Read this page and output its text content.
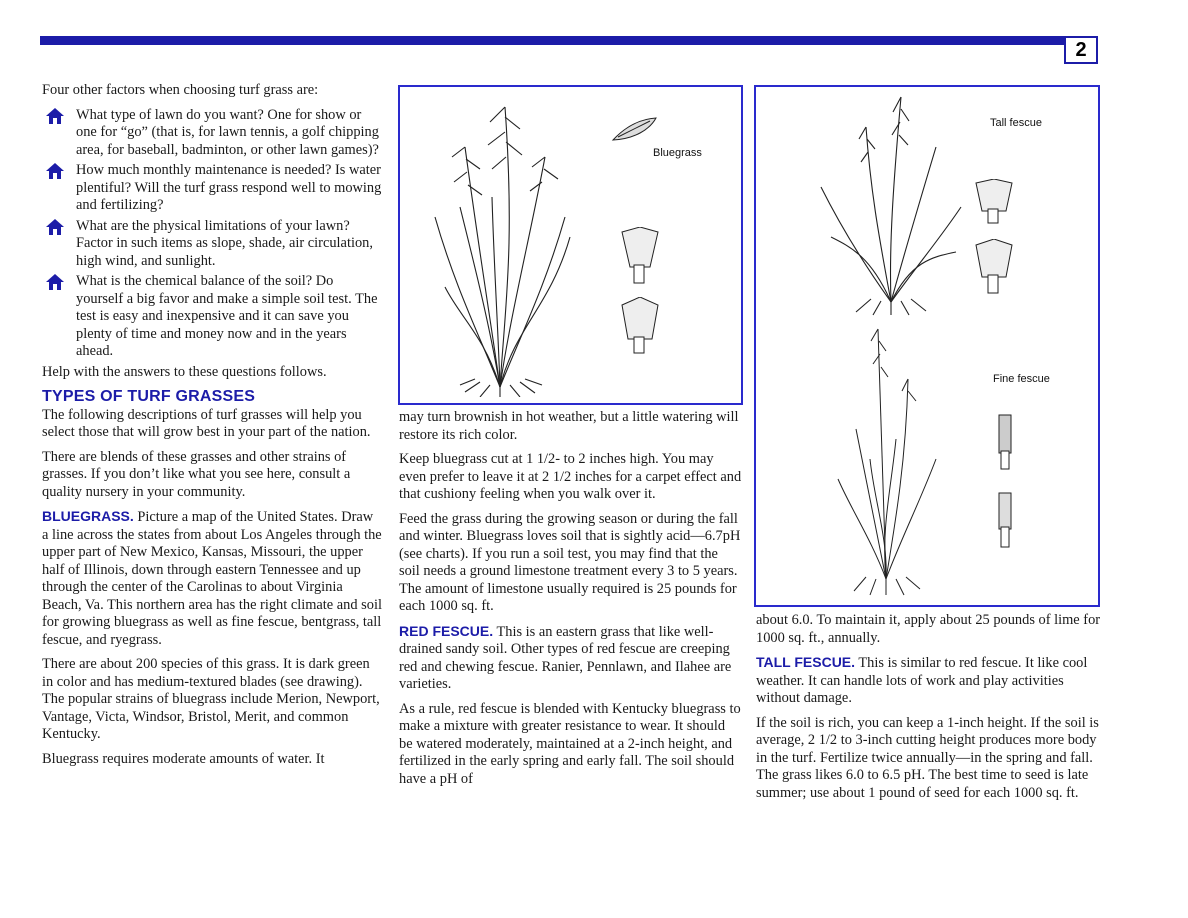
2

Four other factors when choosing turf grass are:

What type of lawn do you want? One for show or one for “go” (that is, for lawn tennis, a golf chipping area, for baseball, badminton, or other lawn games)?
How much monthly maintenance is needed? Is water plentiful? Will the turf grass respond well to mowing and fertilizing?
What are the physical limitations of your lawn? Factor in such items as slope, shade, air circulation, high wind, and sunlight.
What is the chemical balance of the soil? Do yourself a big favor and make a simple soil test. The test is easy and inexpensive and it can save you plenty of time and money now and in the years ahead.

Help with the answers to these questions follows.

TYPES OF TURF GRASSES

The following descriptions of turf grasses will help you select those that will grow best in your part of the nation.

There are blends of these grasses and other strains of grasses. If you don’t like what you see here, consult a quality nursery in your community.

BLUEGRASS. Picture a map of the United States. Draw a line across the states from about Los Angeles through the upper part of New Mexico, Kansas, Missouri, the upper half of Illinois, down through eastern Tennessee and up through the center of the Carolinas to about Virginia Beach, Va. This northern area has the right climate and soil for growing bluegrass as well as fine fescue, bentgrass, tall fescue, and ryegrass.

There are about 200 species of this grass. It is dark green in color and has medium-textured blades (see drawing). The popular strains of bluegrass include Merion, Newport, Vantage, Victa, Windsor, Bristol, Merit, and common Kentucky.

Bluegrass requires moderate amounts of water. It

Bluegrass

may turn brownish in hot weather, but a little watering will restore its rich color.

Keep bluegrass cut at 1 1/2- to 2 inches high. You may even prefer to leave it at 2 1/2 inches for a carpet effect and that cushiony feeling when you walk over it.

Feed the grass during the growing season or during the fall and winter. Bluegrass loves soil that is sightly acid—6.7pH (see charts). If you run a soil test, you may find that the soil needs a ground limestone treatment every 3 to 5 years. The amount of limestone usually required is 25 pounds for each 1000 sq. ft.

RED FESCUE. This is an eastern grass that like well-drained sandy soil. Other types of red fescue are creeping red and chewing fescue. Ranier, Pennlawn, and Ilahee are varieties.

As a rule, red fescue is blended with Kentucky bluegrass to make a mixture with greater resistance to wear. It should be watered moderately, maintained at a 2-inch height, and fertilized in the early spring and early fall. The soil should have a pH of

Tall fescue
Fine fescue

about 6.0. To maintain it, apply about 25 pounds of lime for 1000 sq. ft., annually.

TALL FESCUE. This is similar to red fescue. It like cool weather. It can handle lots of work and play activities without damage.

If the soil is rich, you can keep a 1-inch height. If the soil is average, 2 1/2 to 3-inch cutting height produces more body in the turf. Fertilize twice annually—in the spring and fall. The grass likes 6.0 to 6.5 pH. The best time to seed is late summer; use about 1 pound of seed for each 1000 sq. ft.
